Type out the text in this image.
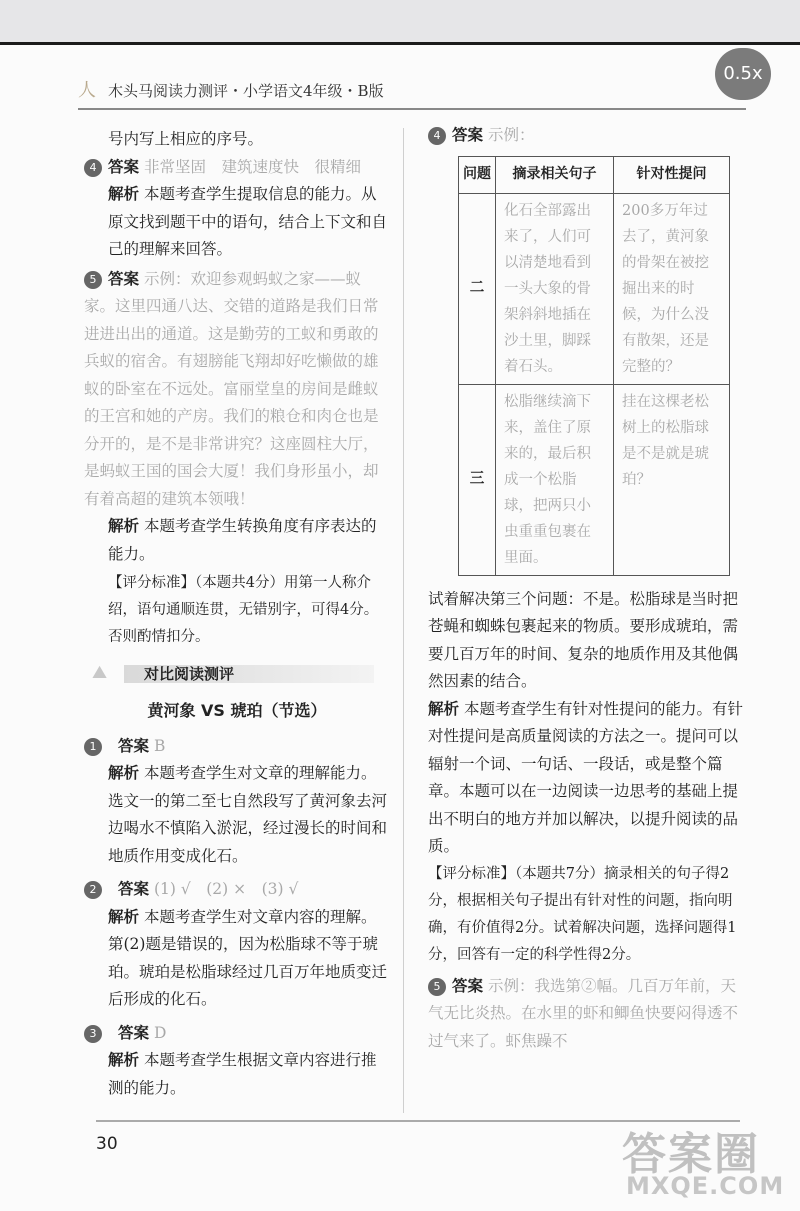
人 木头马阅读力测评・小学语文4年级・B版
0.5x

号内写上相应的序号。

4 答案 非常坚固　建筑速度快　很精细

解析 本题考查学生提取信息的能力。从原文找到题干中的语句，结合上下文和自己的理解来回答。

5 答案 示例：欢迎参观蚂蚁之家——蚁家。这里四通八达、交错的道路是我们日常进进出出的通道。这是勤劳的工蚁和勇敢的兵蚁的宿舍。有翅膀能飞翔却好吃懒做的雄蚁的卧室在不远处。富丽堂皇的房间是雌蚁的王宫和她的产房。我们的粮仓和肉仓也是分开的，是不是非常讲究？这座圆柱大厅，是蚂蚁王国的国会大厦！我们身形虽小，却有着高超的建筑本领哦！

解析 本题考查学生转换角度有序表达的能力。

【评分标准】（本题共4分）用第一人称介绍，语句通顺连贯，无错别字，可得4分。否则酌情扣分。

⛰ 对比阅读测评
黄河象 VS 琥珀（节选）

1 答案 B

解析 本题考查学生对文章的理解能力。选文一的第二至七自然段写了黄河象去河边喝水不慎陷入淤泥，经过漫长的时间和地质作用变成化石。

2 答案 (1) √　(2) ×　(3) √

解析 本题考查学生对文章内容的理解。第(2)题是错误的，因为松脂球不等于琥珀。琥珀是松脂球经过几百万年地质变迁后形成的化石。

3 答案 D

解析 本题考查学生根据文章内容进行推测的能力。

4 答案 示例：

问题	摘录相关句子	针对性提问
二	化石全部露出来了，人们可以清楚地看到一头大象的骨架斜斜地插在沙土里，脚踩着石头。	200多万年过去了，黄河象的骨架在被挖掘出来的时候，为什么没有散架，还是完整的？
三	松脂继续滴下来，盖住了原来的，最后积成一个松脂球，把两只小虫重重包裹在里面。	挂在这棵老松树上的松脂球是不是就是琥珀？

试着解决第三个问题：不是。松脂球是当时把苍蝇和蜘蛛包裹起来的物质。要形成琥珀，需要几百万年的时间、复杂的地质作用及其他偶然因素的结合。

解析 本题考查学生有针对性提问的能力。有针对性提问是高质量阅读的方法之一。提问可以辐射一个词、一句话、一段话，或是整个篇章。本题可以在一边阅读一边思考的基础上提出不明白的地方并加以解决，以提升阅读的品质。

【评分标准】（本题共7分）摘录相关的句子得2分，根据相关句子提出有针对性的问题，指向明确，有价值得2分。试着解决问题，选择问题得1分，回答有一定的科学性得2分。

5 答案 示例：我选第②幅。几百万年前，天气无比炎热。在水里的虾和鲫鱼快要闷得透不过气来了。虾焦躁不

30	答案圈
MXQE.COM
